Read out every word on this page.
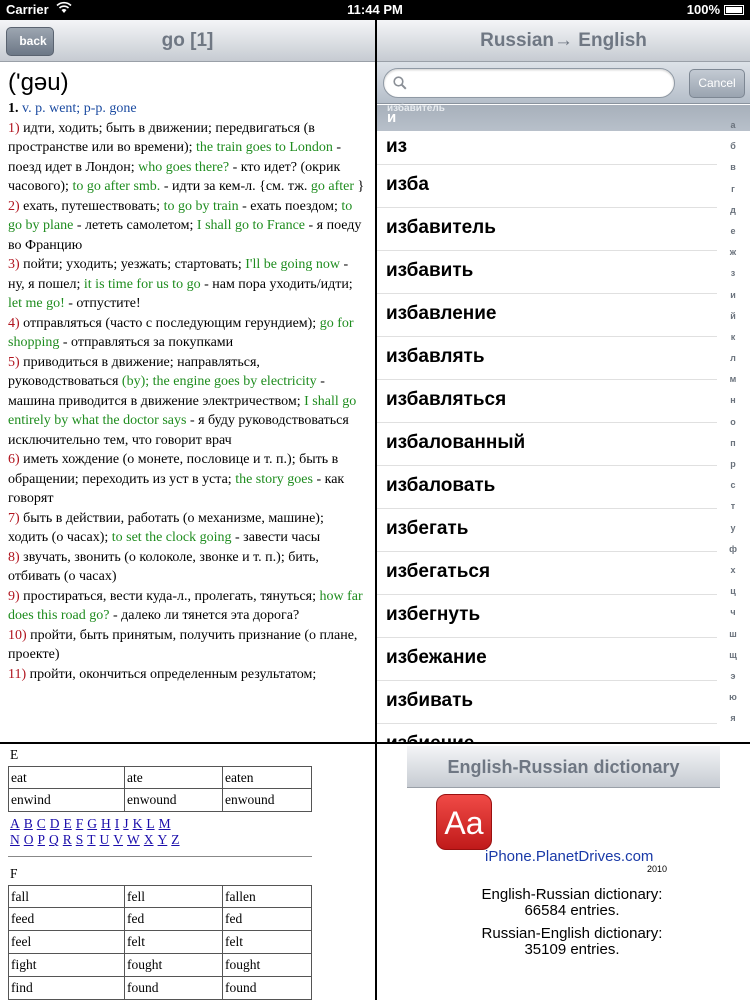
Carrier	11:44 PM	100%
back	go [1]
('gəu)
1. v. p. went; p-p. gone
1) идти, ходить; быть в движении; передвигаться (в пространстве или во времени); the train goes to London - поезд идет в Лондон; who goes there? - кто идет? (окрик часового); to go after smb. - идти за кем-л. {см. тж. go after }
2) ехать, путешествовать; to go by train - ехать поездом; to go by plane - лететь самолетом; I shall go to France - я поеду во Францию
3) пойти; уходить; уезжать; стартовать; I'll be going now - ну, я пошел; it is time for us to go - нам пора уходить/идти; let me go! - отпустите!
4) отправляться (часто с последующим герундием); go for shopping - отправляться за покупками
5) приводиться в движение; направляться, руководствоваться (by); the engine goes by electricity - машина приводится в движение электричеством; I shall go entirely by what the doctor says - я буду руководствоваться исключительно тем, что говорит врач
6) иметь хождение (о монете, пословице и т. п.); быть в обращении; переходить из уст в уста; the story goes - как говорят
7) быть в действии, работать (о механизме, машине); ходить (о часах); to set the clock going - завести часы
8) звучать, звонить (о колоколе, звонке и т. п.); бить, отбивать (о часах)
9) простираться, вести куда-л., пролегать, тянуться; how far does this road go? - далеко ли тянется эта дорога?
10) пройти, быть принятым, получить признание (о плане, проекте)
11) пройти, окончиться определенным результатом;
E
eat	ate	eaten
enwind	enwound	enwound
A B C D E F G H I J K L M
N O P Q R S T U V W X Y Z
F
fall	fell	fallen
feed	fed	fed
feel	felt	felt
fight	fought	fought
find	found	found
Russian→ English
Cancel
избавитель
и
из
изба
избавитель
избавить
избавление
избавлять
избавляться
избалованный
избаловать
избегать
избегаться
избегнуть
избежание
избивать
а
б
в
г
д
е
ж
з
и
й
к
л
м
н
о
п
р
с
т
у
ф
х
ц
ч
ш
щ
э
ю
я
English-Russian dictionary
Aa
iPhone.PlanetDrives.com
2010
English-Russian dictionary:
66584 entries.
Russian-English dictionary:
35109 entries.
